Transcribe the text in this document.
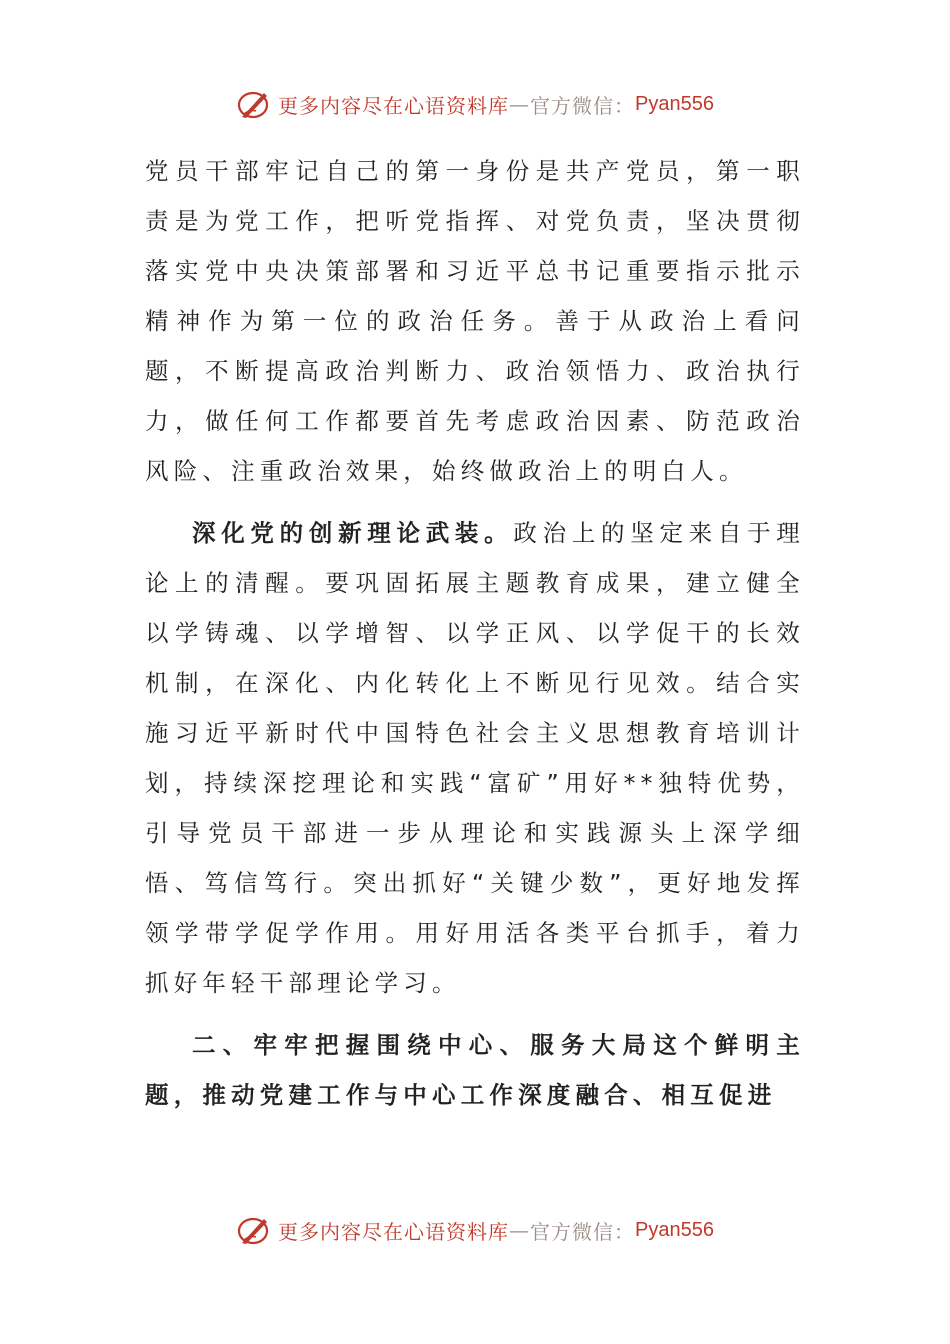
更多内容尽在心语资料库 — 官方微信： Pyan556

党员干部牢记自己的第一身份是共产党员，第一职责是为党工作，把听党指挥、对党负责，坚决贯彻落实党中央决策部署和习近平总书记重要指示批示精神作为第一位的政治任务。善于从政治上看问题，不断提高政治判断力、政治领悟力、政治执行力，做任何工作都要首先考虑政治因素、防范政治风险、注重政治效果，始终做政治上的明白人。

深化党的创新理论武装。政治上的坚定来自于理论上的清醒。要巩固拓展主题教育成果，建立健全以学铸魂、以学增智、以学正风、以学促干的长效机制，在深化、内化转化上不断见行见效。结合实施习近平新时代中国特色社会主义思想教育培训计划，持续深挖理论和实践“富矿”用好**独特优势，引导党员干部进一步从理论和实践源头上深学细悟、笃信笃行。突出抓好“关键少数”，更好地发挥领学带学促学作用。用好用活各类平台抓手，着力抓好年轻干部理论学习。

二、牢牢把握围绕中心、服务大局这个鲜明主题，推动党建工作与中心工作深度融合、相互促进
更多内容尽在心语资料库 — 官方微信： Pyan556
